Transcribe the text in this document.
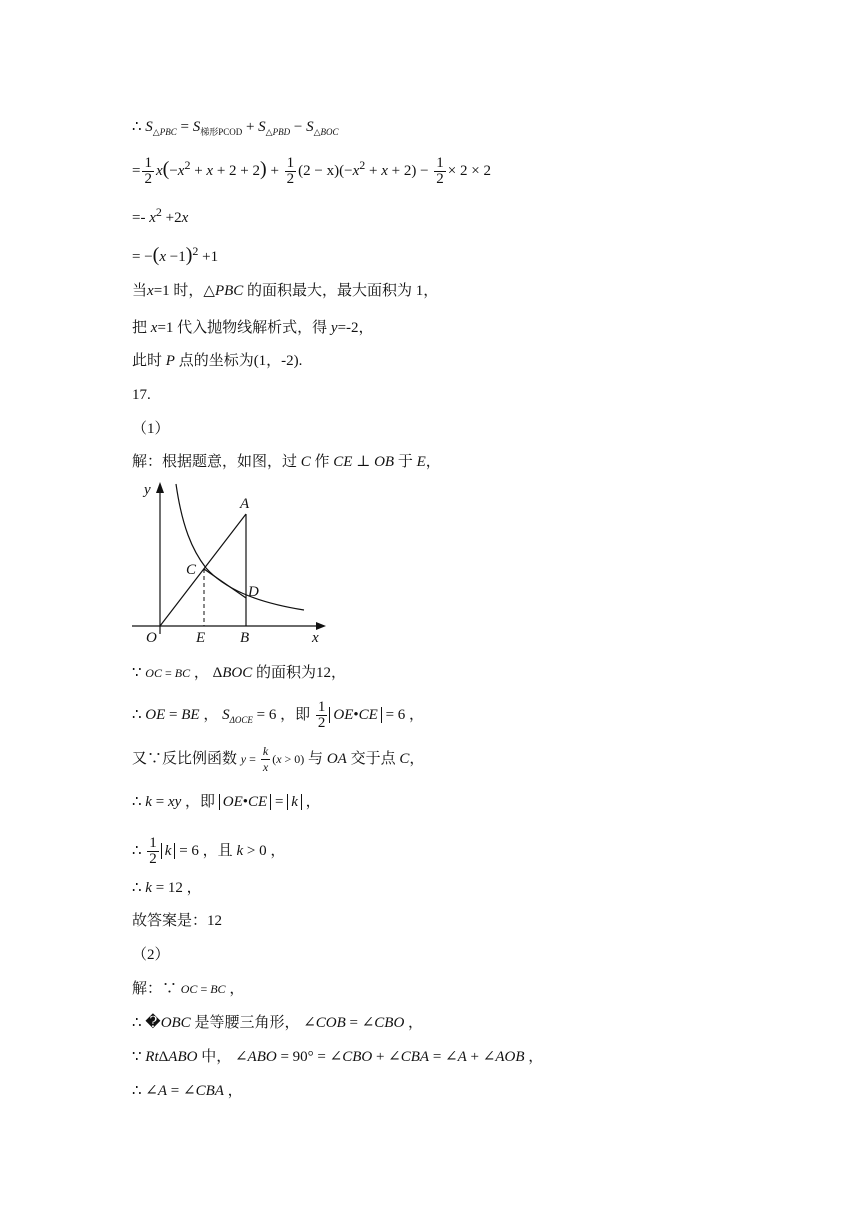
∴ $S_{\triangle PBC} = S_{梯形PCOD} + S_{\triangle PBD} - S_{\triangle BOC}$
= $\frac{1}{2} x(-x^2 + x + 2 + 2) + \frac{1}{2} (2 - x)(-x^2 + x + 2) - \frac{1}{2} \times 2 \times 2$
=- $x^2 +2x$
= $-(x -1)^2 +1$
当x=1 时，△PBC 的面积最大，最大面积为 1，
把 x=1 代入抛物线解析式，得 y=-2，
此时 P 点的坐标为(1，-2).
17.
（1）
解：根据题意，如图，过 C 作 CE ⊥ OB 于 E，
y
x
O	E B
A
C
D
∵ OC = BC ， ΔBOC 的面积为12，
∴ OE = BE ， $S_{\Delta OCE} = 6$ ，即 $\frac{1}{2}$ OE•CE = 6 ，
又∵反比例函数 $y = \frac{k}{x} (x > 0)$ 与 OA 交于点 C，
∴ k = xy ，即 OE•CE = k ，
∴ $\frac{1}{2}$ k = 6 ，且 k > 0 ，
∴ k = 12 ，
故答案是：12
（2）
解：∵ OC = BC ，
∴ �OBC 是等腰三角形， ∠COB = ∠CBO ，
∵ RtΔABO 中， ∠ABO = 90° = ∠CBO + ∠CBA = ∠A + ∠AOB ，
∴ ∠A = ∠CBA ，
